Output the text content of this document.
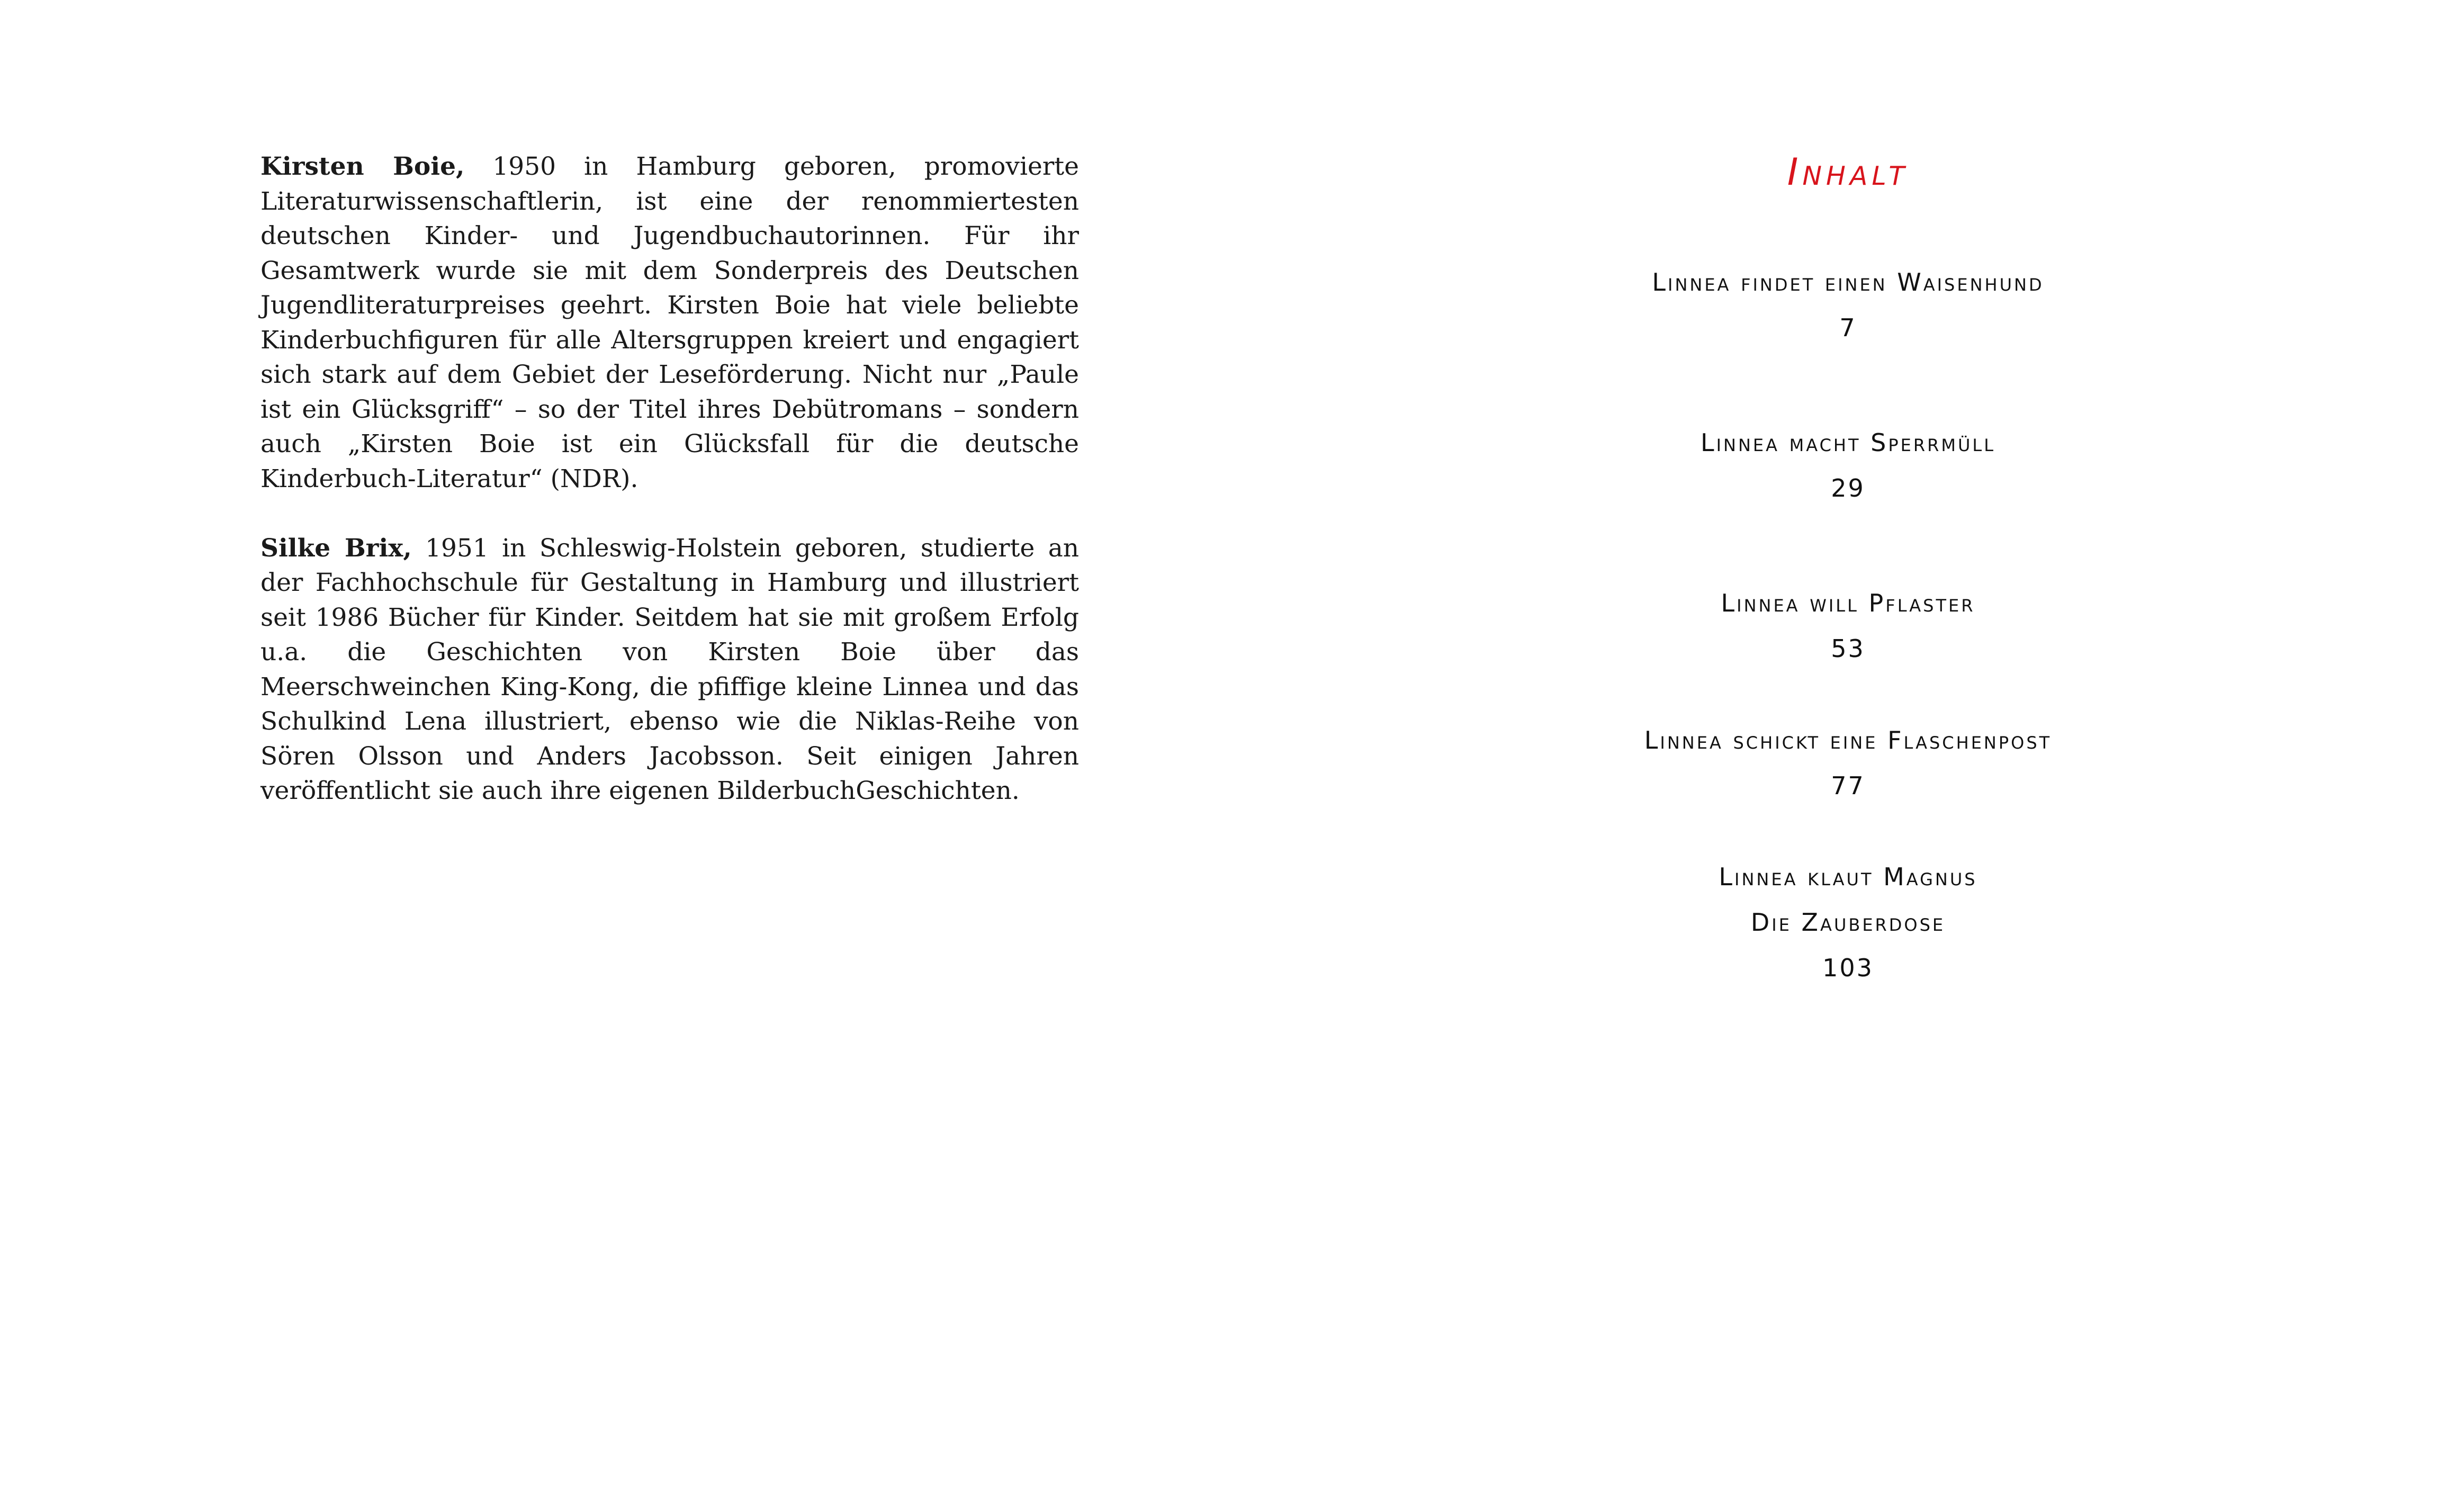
Kirsten Boie, 1950 in Hamburg geboren, promovierte Literaturwissenschaftlerin, ist eine der renommiertesten deutschen Kinder- und Jugendbuchautorinnen. Für ihr Gesamtwerk wurde sie mit dem Sonderpreis des Deutschen Jugendliteraturpreises geehrt. Kirsten Boie hat viele beliebte Kinderbuchfiguren für alle Altersgruppen kreiert und engagiert sich stark auf dem Gebiet der Leseförderung. Nicht nur „Paule ist ein Glücksgriff“ – so der Titel ihres Debütromans – sondern auch „Kirsten Boie ist ein Glücksfall für die deutsche Kinderbuch-Literatur“ (NDR).

Silke Brix, 1951 in Schleswig-Holstein geboren, studierte an der Fachhochschule für Gestaltung in Hamburg und illustriert seit 1986 Bücher für Kinder. Seitdem hat sie mit großem Erfolg u.a. die Geschichten von Kirsten Boie über das Meerschweinchen King-Kong, die pfiffige kleine Linnea und das Schulkind Lena illustriert, ebenso wie die Niklas-Reihe von Sören Olsson und Anders Jacobsson. Seit einigen Jahren veröffentlicht sie auch ihre eigenen BilderbuchGeschichten.

Inhalt
Linnea findet einen Waisenhund
7
Linnea macht Sperrmüll
29
Linnea will Pflaster
53
Linnea schickt eine Flaschenpost
77
Linnea klaut Magnus
Die Zauberdose
103
